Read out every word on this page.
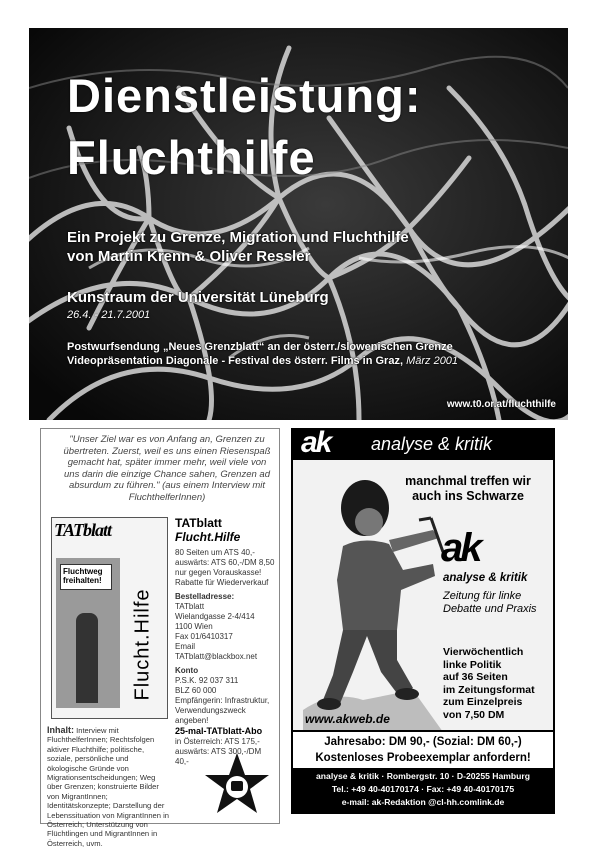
Dienstleistung:
Fluchthilfe
Ein Projekt zu Grenze, Migration und Fluchthilfe
von Martin Krenn & Oliver Ressler
Kunstraum der Universität Lüneburg
26.4. - 21.7.2001
Postwurfsendung „Neues Grenzblatt“ an der österr./slowenischen Grenze
Videopräsentation Diagonale - Festival des österr. Films in Graz, März 2001
www.t0.or.at/fluchthilfe
"Unser Ziel war es von Anfang an, Grenzen zu übertreten. Zuerst, weil es uns einen Riesenspaß gemacht hat, später immer mehr, weil viele von uns darin die einzige Chance sahen, Grenzen ad absurdum zu führen." (aus einem Interview mit FluchthelferInnen)
TATblatt
Fluchtweg freihalten!
Flucht.Hilfe
TATblatt
Flucht.Hilfe
80 Seiten um ATS 40,- auswärts: ATS 60,-/DM 8,50 nur gegen Vorauskasse! Rabatte für Wiederverkauf
Bestelladresse:
TATblatt
Wielandgasse 2-4/414
1100 Wien
Fax 01/6410317
Email TATblatt@blackbox.net
Konto
P.S.K. 92 037 311
BLZ 60 000
Empfängerin: Infrastruktur,
Verwendungszweck angeben!
Inhalt: Interview mit FluchthelferInnen; Rechtsfolgen aktiver Fluchthilfe; politische, soziale, persönliche und ökologische Gründe von Migrationsentscheidungen; Weg über Grenzen; konstruierte Bilder von MigrantInnen; Identitätskonzepte; Darstellung der Lebenssituation von MigrantInnen in Österreich; Unterstützung von Flüchtlingen und MigrantInnen in Österreich, uvm.
25-mal-TATblatt-Abo
in Österreich: ATS 175,-
auswärts: ATS 300,-/DM 40,-
ak analyse & kritik
manchmal treffen wir
auch ins Schwarze
ak
analyse & kritik
Zeitung für linke
Debatte und Praxis
Vierwöchentlich
linke Politik
auf 36 Seiten
im Zeitungsformat
zum Einzelpreis
von 7,50 DM
www.akweb.de
Jahresabo: DM 90,- (Sozial: DM 60,-)
Kostenloses Probeexemplar anfordern!
analyse & kritik · Rombergstr. 10 · D-20255 Hamburg
Tel.: +49 40-40170174 · Fax: +49 40-40170175
e-mail: ak-Redaktion @cl-hh.comlink.de
